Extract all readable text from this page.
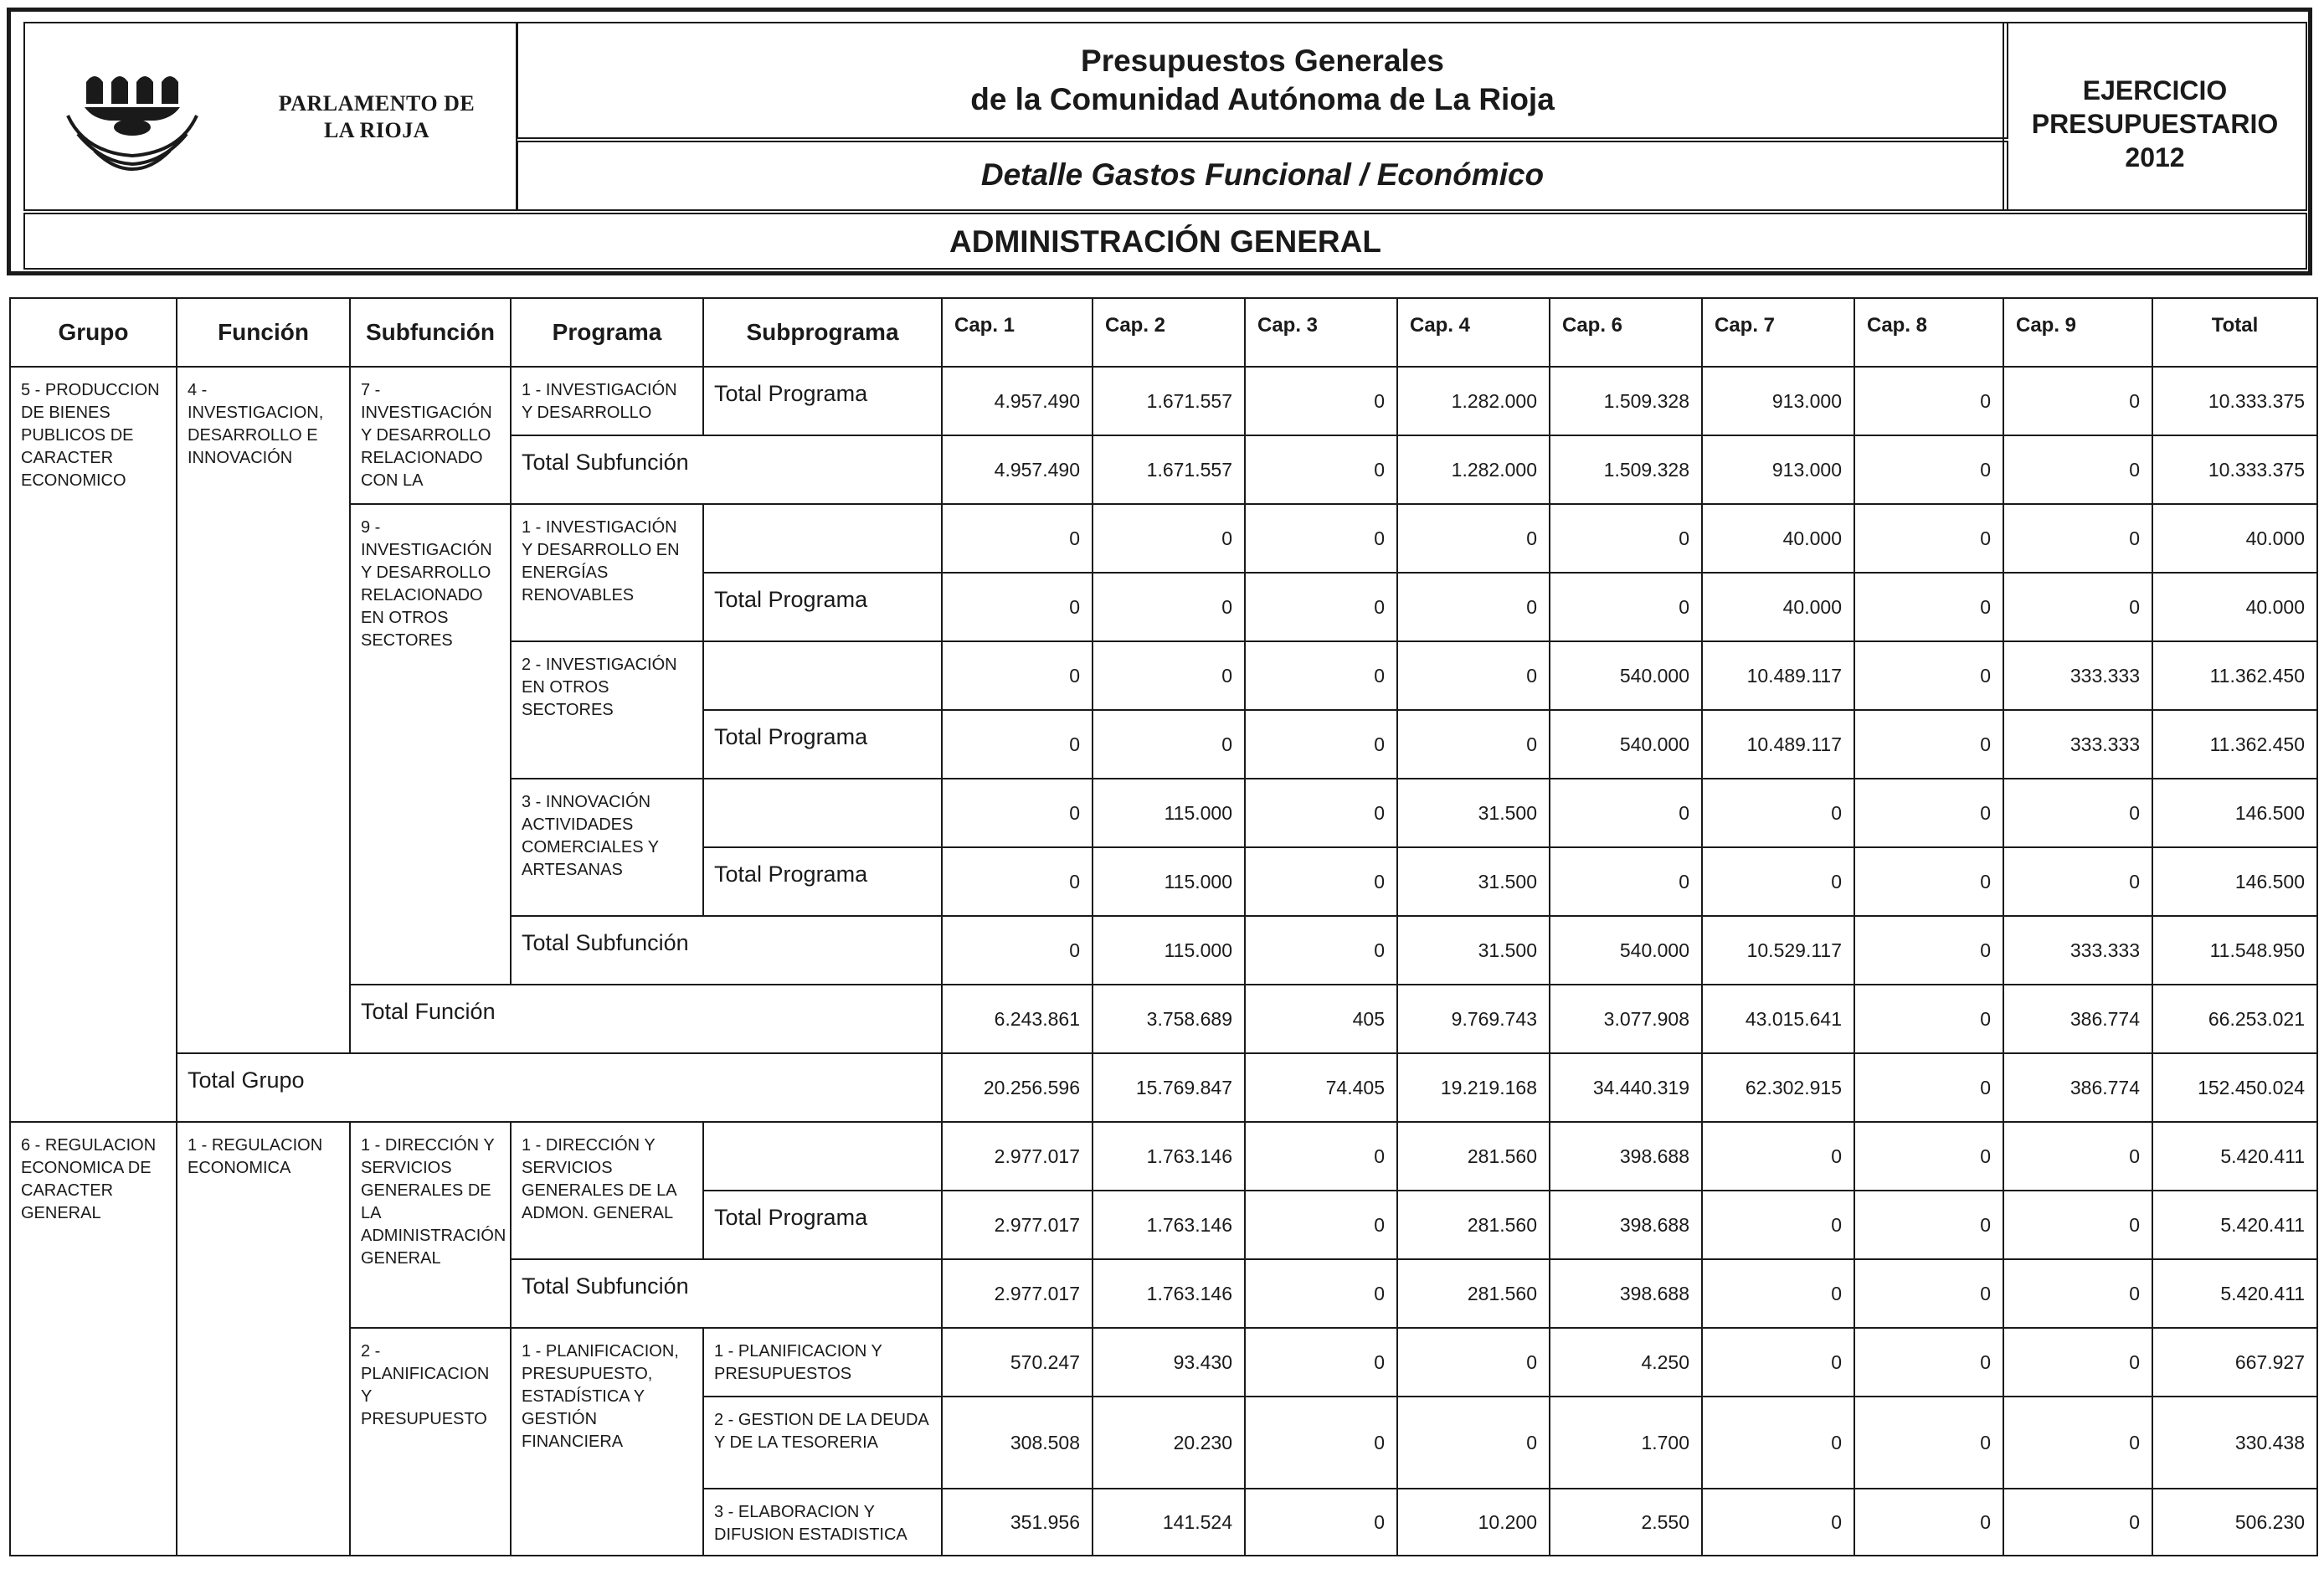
PARLAMENTO DE
LA RIOJA
Presupuestos Generales
de la Comunidad Autónoma de La Rioja
Detalle Gastos Funcional / Económico
EJERCICIO
PRESUPUESTARIO
2012
ADMINISTRACIÓN GENERAL
Grupo	Función	Subfunción	Programa	Subprograma	Cap. 1	Cap. 2	Cap. 3	Cap. 4	Cap. 6	Cap. 7	Cap. 8	Cap. 9	Total
5 - PRODUCCION DE BIENES PUBLICOS DE CARACTER ECONOMICO	4 - INVESTIGACION, DESARROLLO E INNOVACIÓN	7 - INVESTIGACIÓN Y DESARROLLO RELACIONADO CON LA	1 - INVESTIGACIÓN Y DESARROLLO	Total Programa	4.957.490	1.671.557	0	1.282.000	1.509.328	913.000	0	0	10.333.375
			Total Subfunción		4.957.490	1.671.557	0	1.282.000	1.509.328	913.000	0	0	10.333.375
		9 - INVESTIGACIÓN Y DESARROLLO RELACIONADO EN OTROS SECTORES	1 - INVESTIGACIÓN Y DESARROLLO EN ENERGÍAS RENOVABLES		0	0	0	0	0	40.000	0	0	40.000
				Total Programa	0	0	0	0	0	40.000	0	0	40.000
			2 - INVESTIGACIÓN EN OTROS SECTORES		0	0	0	0	540.000	10.489.117	0	333.333	11.362.450
				Total Programa	0	0	0	0	540.000	10.489.117	0	333.333	11.362.450
			3 - INNOVACIÓN ACTIVIDADES COMERCIALES Y ARTESANAS		0	115.000	0	31.500	0	0	0	0	146.500
				Total Programa	0	115.000	0	31.500	0	0	0	0	146.500
			Total Subfunción		0	115.000	0	31.500	540.000	10.529.117	0	333.333	11.548.950
		Total Función			6.243.861	3.758.689	405	9.769.743	3.077.908	43.015.641	0	386.774	66.253.021
	Total Grupo				20.256.596	15.769.847	74.405	19.219.168	34.440.319	62.302.915	0	386.774	152.450.024
6 - REGULACION ECONOMICA DE CARACTER GENERAL	1 - REGULACION ECONOMICA	1 - DIRECCIÓN Y SERVICIOS GENERALES DE LA ADMINISTRACIÓN GENERAL	1 - DIRECCIÓN Y SERVICIOS GENERALES DE LA ADMON. GENERAL		2.977.017	1.763.146	0	281.560	398.688	0	0	0	5.420.411
				Total Programa	2.977.017	1.763.146	0	281.560	398.688	0	0	0	5.420.411
			Total Subfunción		2.977.017	1.763.146	0	281.560	398.688	0	0	0	5.420.411
		2 - PLANIFICACION Y PRESUPUESTO	1 - PLANIFICACION, PRESUPUESTO, ESTADÍSTICA Y GESTIÓN FINANCIERA	1 - PLANIFICACION Y PRESUPUESTOS	570.247	93.430	0	0	4.250	0	0	0	667.927
				2 - GESTION DE LA DEUDA Y DE LA TESORERIA	308.508	20.230	0	0	1.700	0	0	0	330.438
				3 - ELABORACION Y DIFUSION ESTADISTICA	351.956	141.524	0	10.200	2.550	0	0	0	506.230
